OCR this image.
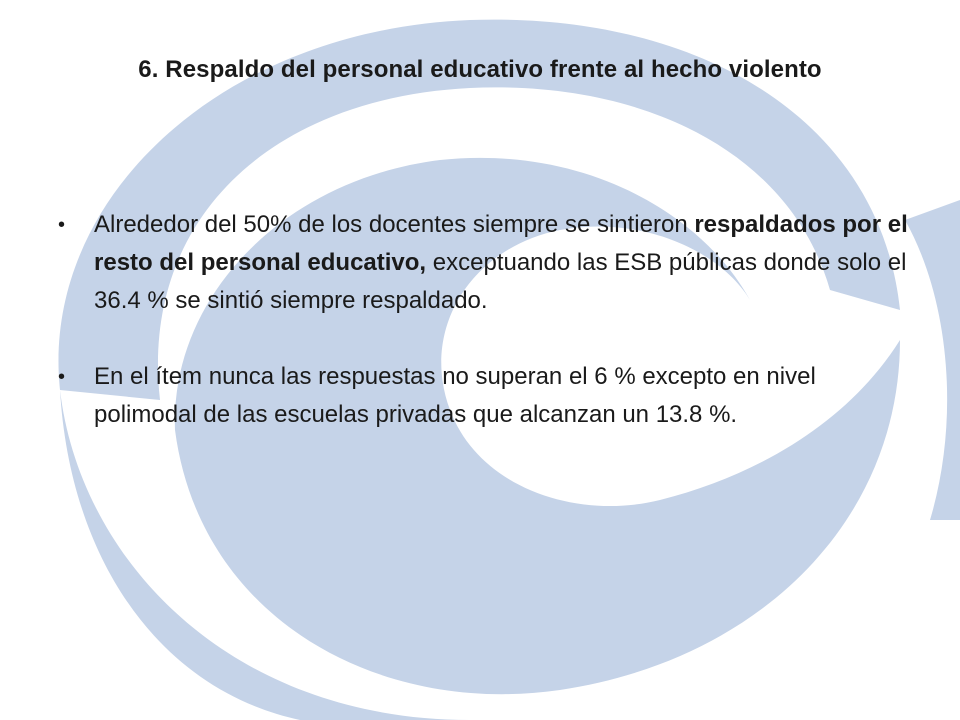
6. Respaldo del personal educativo frente al hecho violento
• Alrededor del 50% de los docentes siempre se sintieron respaldados por el resto del personal educativo, exceptuando las ESB públicas donde solo el 36.4 % se sintió siempre respaldado.
• En el ítem nunca las respuestas no superan el 6 % excepto en nivel polimodal de las escuelas privadas que alcanzan un 13.8 %.
